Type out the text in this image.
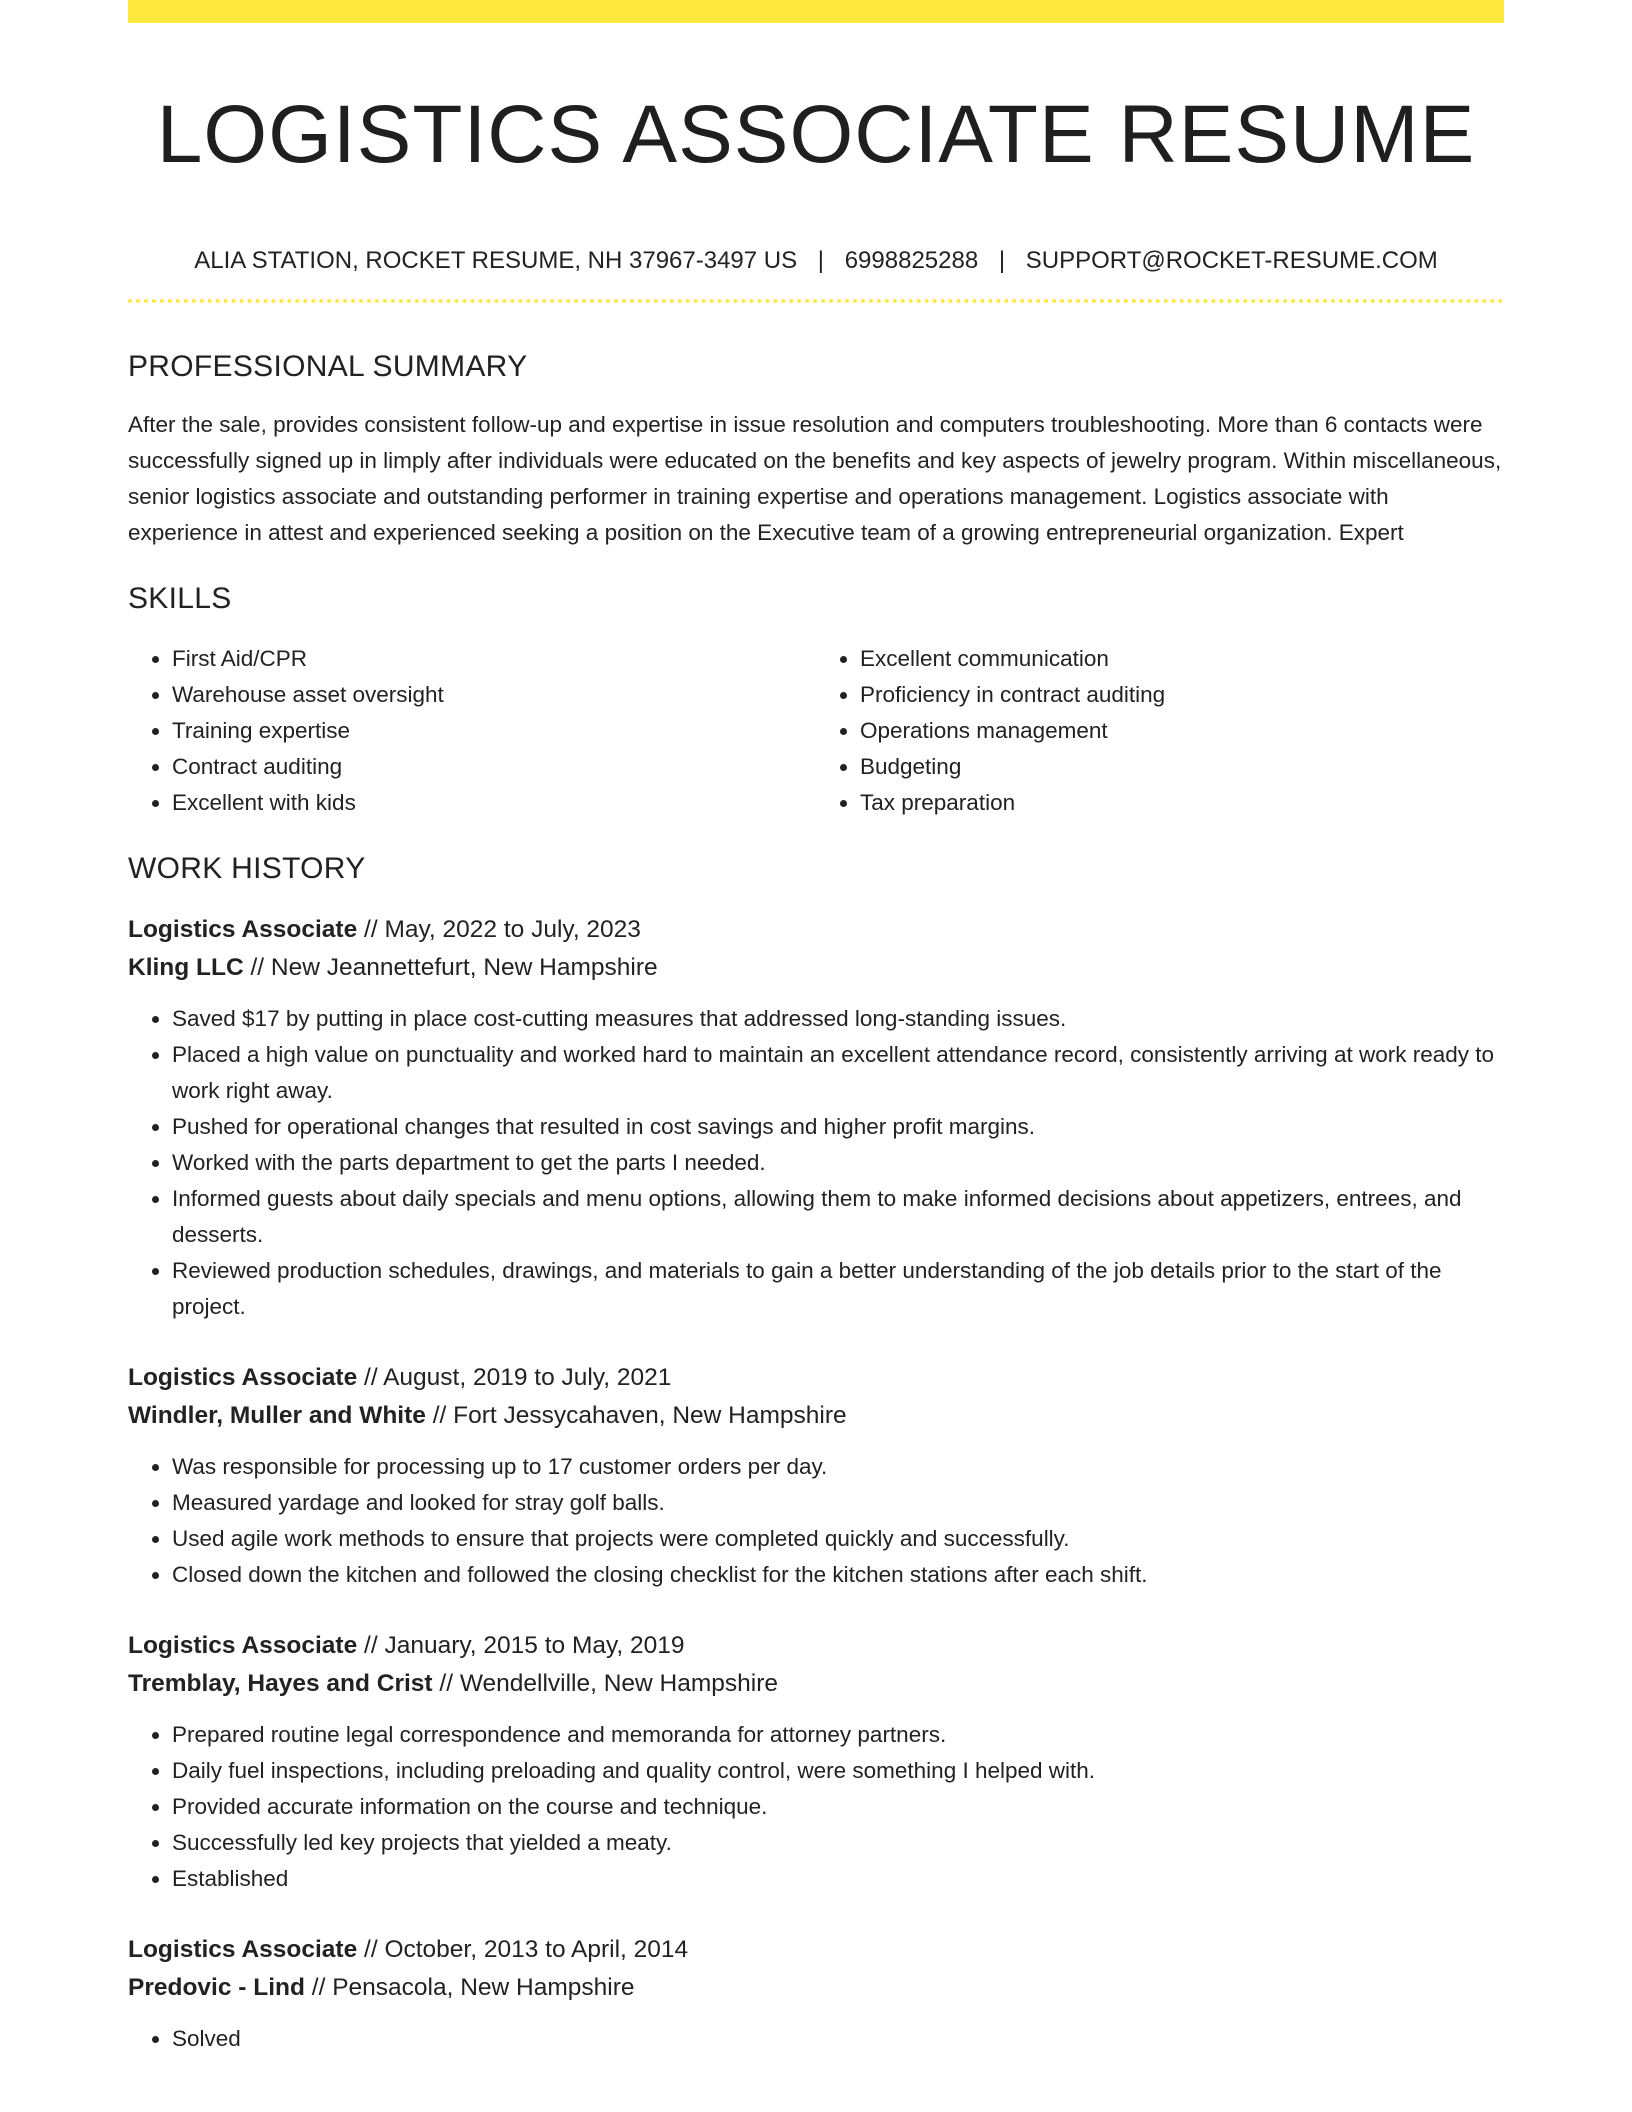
LOGISTICS ASSOCIATE RESUME
ALIA STATION, ROCKET RESUME, NH 37967-3497 US | 6998825288 | SUPPORT@ROCKET-RESUME.COM
PROFESSIONAL SUMMARY
After the sale, provides consistent follow-up and expertise in issue resolution and computers troubleshooting. More than 6 contacts were successfully signed up in limply after individuals were educated on the benefits and key aspects of jewelry program. Within miscellaneous, senior logistics associate and outstanding performer in training expertise and operations management. Logistics associate with experience in attest and experienced seeking a position on the Executive team of a growing entrepreneurial organization. Expert
SKILLS
• First Aid/CPR
• Warehouse asset oversight
• Training expertise
• Contract auditing
• Excellent with kids
• Excellent communication
• Proficiency in contract auditing
• Operations management
• Budgeting
• Tax preparation
WORK HISTORY
Logistics Associate // May, 2022 to July, 2023
Kling LLC // New Jeannettefurt, New Hampshire
• Saved $17 by putting in place cost-cutting measures that addressed long-standing issues.
• Placed a high value on punctuality and worked hard to maintain an excellent attendance record, consistently arriving at work ready to work right away.
• Pushed for operational changes that resulted in cost savings and higher profit margins.
• Worked with the parts department to get the parts I needed.
• Informed guests about daily specials and menu options, allowing them to make informed decisions about appetizers, entrees, and desserts.
• Reviewed production schedules, drawings, and materials to gain a better understanding of the job details prior to the start of the project.
Logistics Associate // August, 2019 to July, 2021
Windler, Muller and White // Fort Jessycahaven, New Hampshire
• Was responsible for processing up to 17 customer orders per day.
• Measured yardage and looked for stray golf balls.
• Used agile work methods to ensure that projects were completed quickly and successfully.
• Closed down the kitchen and followed the closing checklist for the kitchen stations after each shift.
Logistics Associate // January, 2015 to May, 2019
Tremblay, Hayes and Crist // Wendellville, New Hampshire
• Prepared routine legal correspondence and memoranda for attorney partners.
• Daily fuel inspections, including preloading and quality control, were something I helped with.
• Provided accurate information on the course and technique.
• Successfully led key projects that yielded a meaty.
• Established
Logistics Associate // October, 2013 to April, 2014
Predovic - Lind // Pensacola, New Hampshire
• Solved
